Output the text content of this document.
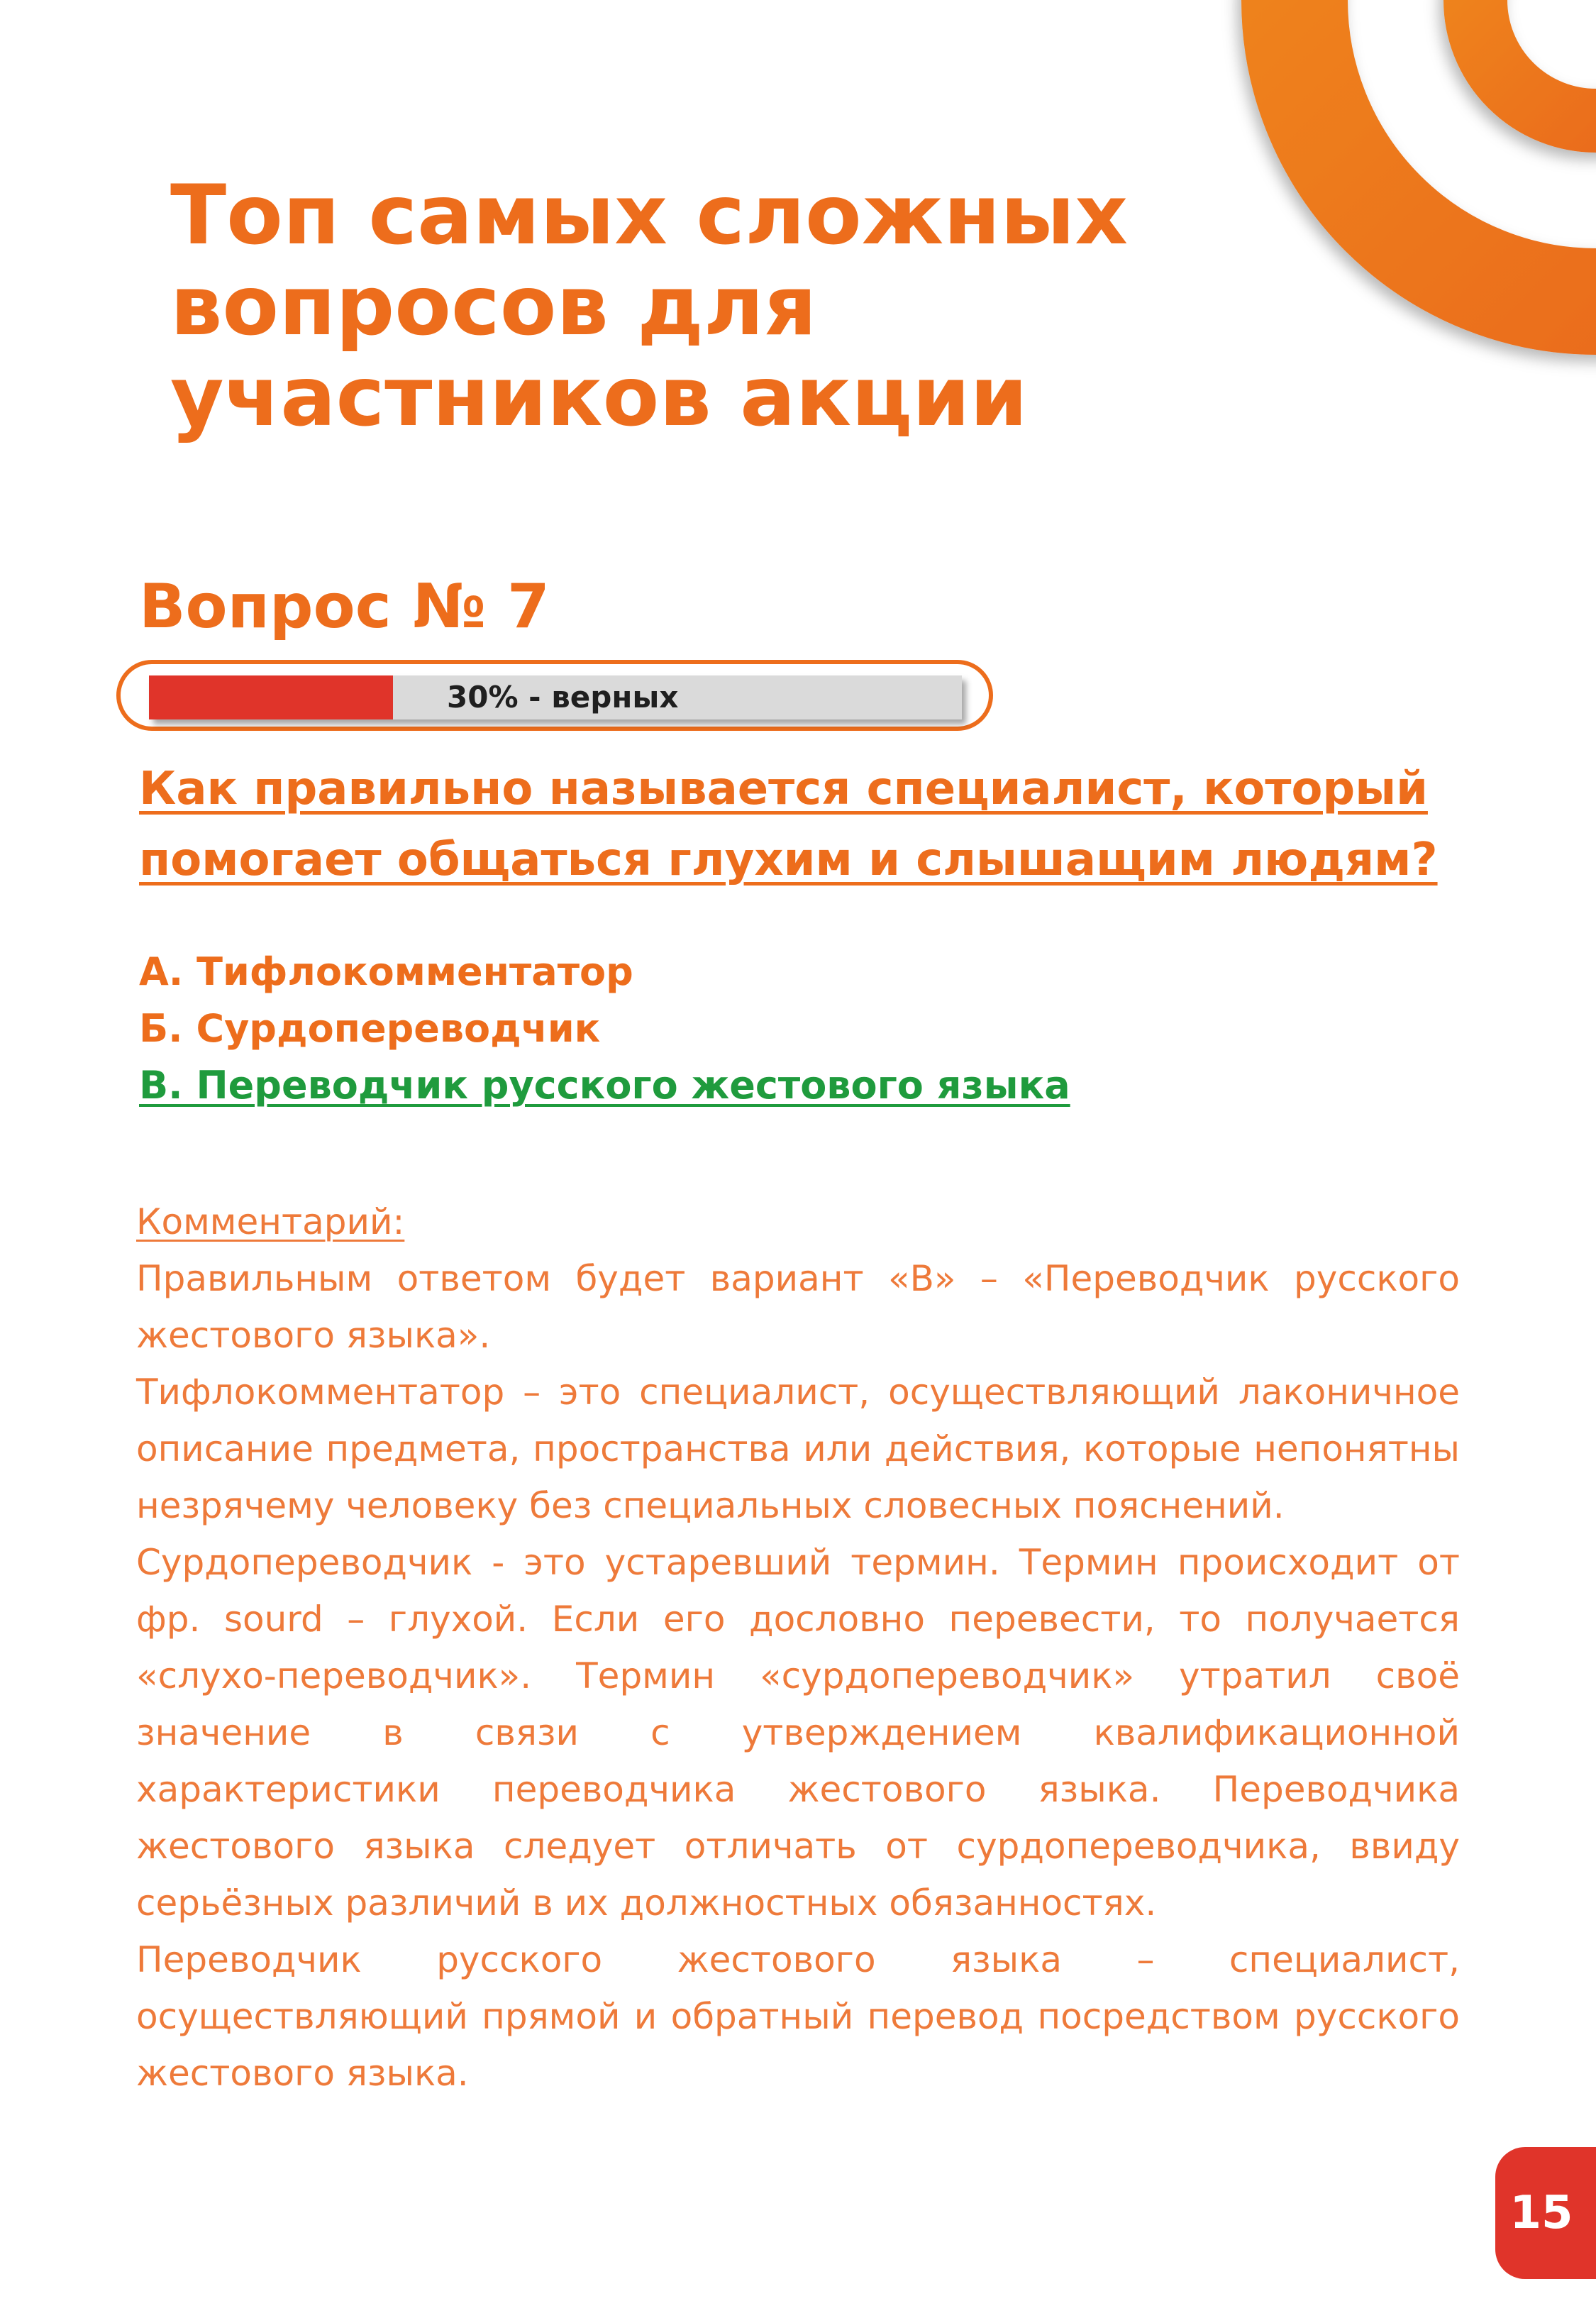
Топ самых сложных
вопросов для
участников акции
Вопрос № 7
30% - верных
Как правильно называется специалист, который
помогает общаться глухим и слышащим людям?
А. Тифлокомментатор
Б. Сурдопереводчик
В. Переводчик русского жестового языка
Комментарий:

Правильным ответом будет вариант «В» – «Переводчик русского жестового языка».

Тифлокомментатор – это специалист, осуществляющий лаконичное описание предмета, пространства или действия, которые непонятны незрячему человеку без специальных словесных пояснений.

Сурдопереводчик - это устаревший термин. Термин происходит от фр. sourd – глухой. Если его дословно перевести, то получается «слухо-переводчик». Термин «сурдопереводчик» утратил своё значение в связи с утверждением квалификационной характеристики переводчика жестового языка. Переводчика жестового языка следует отличать от сурдопереводчика, ввиду серьёзных различий в их должностных обязанностях.

Переводчик русского жестового языка – специалист, осуществляющий прямой и обратный перевод посредством русского жестового языка.

15
